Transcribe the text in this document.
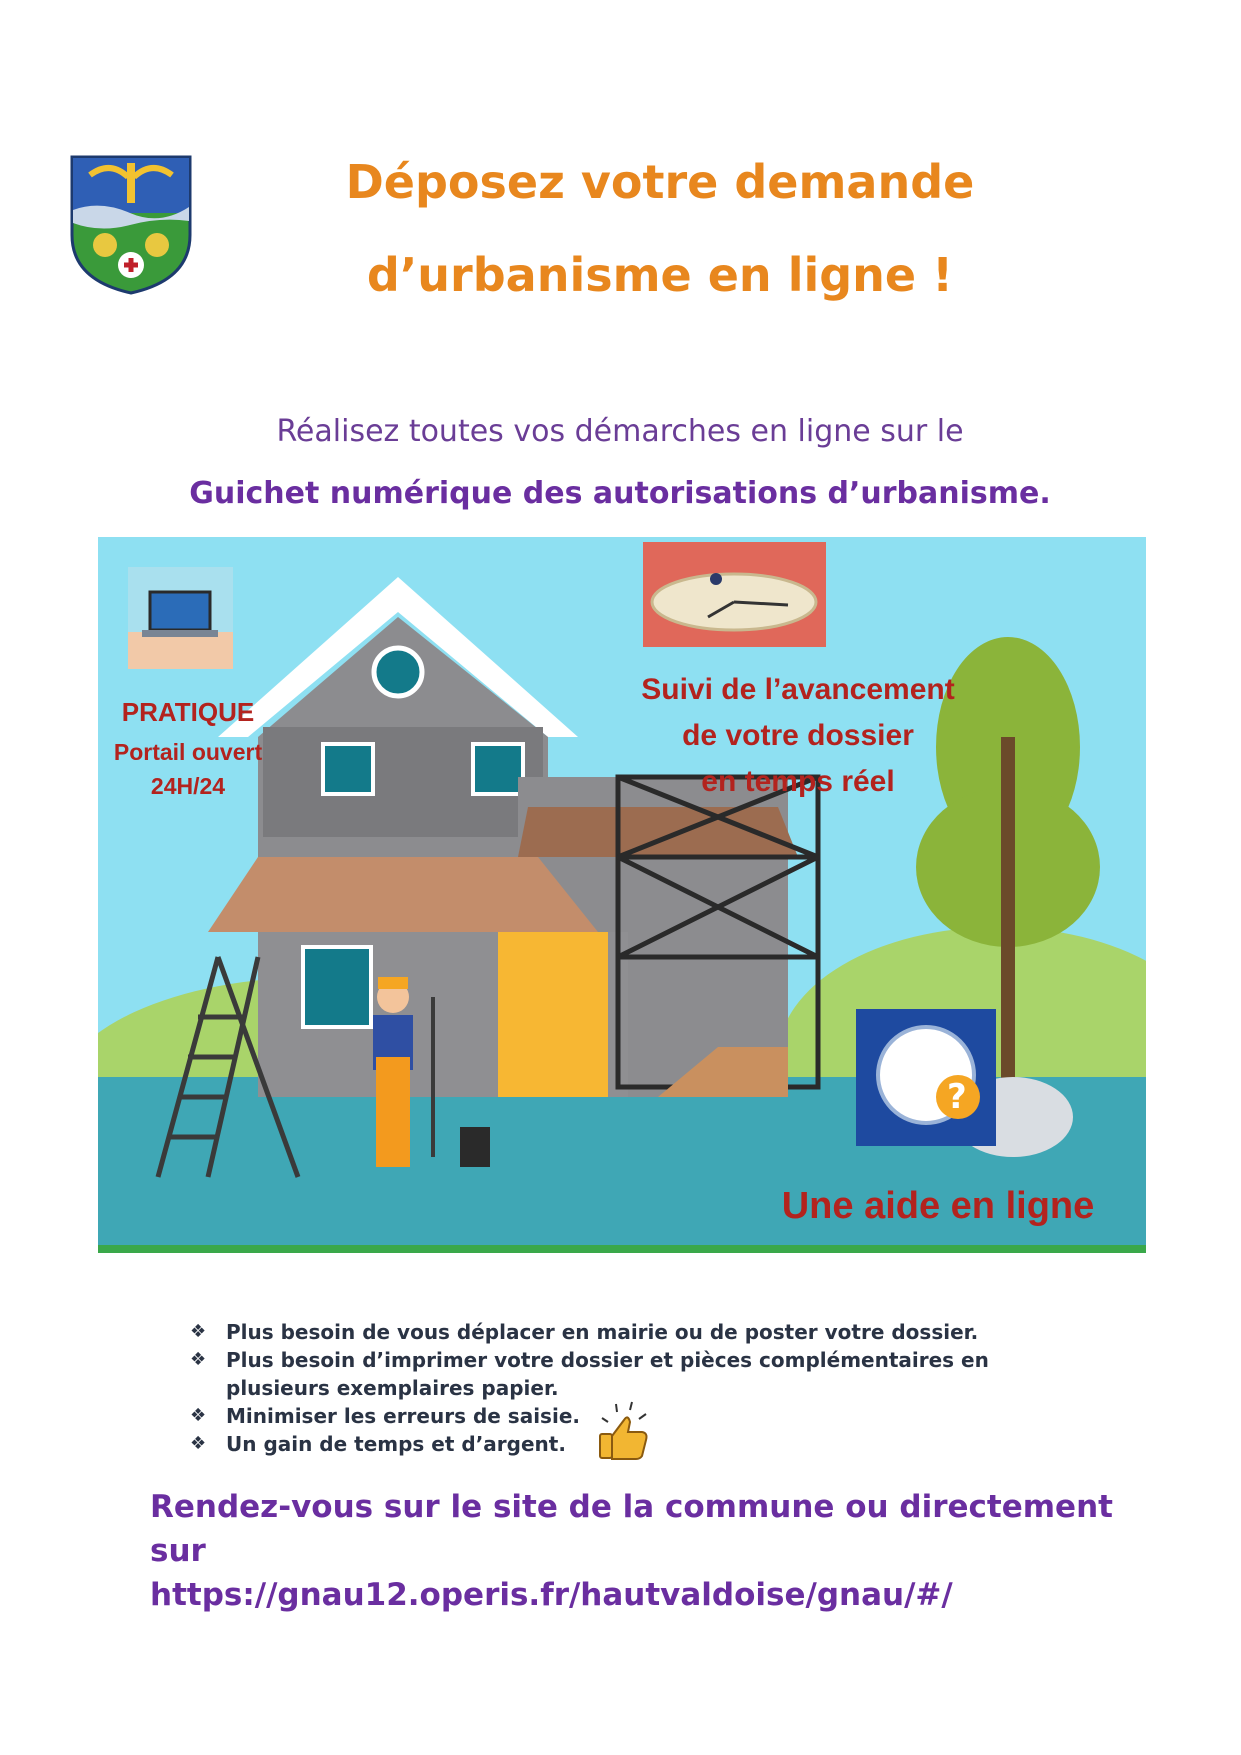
Déposez votre demande
d’urbanisme en ligne !

Réalisez toutes vos démarches en ligne sur le

Guichet numérique des autorisations d’urbanisme.

?
PRATIQUE
Portail ouvert
24H/24
Suivi de l’avancement
de votre dossier
en temps réel
Une aide en ligne
❖ Plus besoin de vous déplacer en mairie ou de poster votre dossier.
❖ Plus besoin d’imprimer votre dossier et pièces complémentaires en plusieurs exemplaires papier.
❖ Minimiser les erreurs de saisie.
❖ Un gain de temps et d’argent.
Rendez-vous sur le site de la commune ou directement sur
https://gnau12.operis.fr/hautvaldoise/gnau/#/
